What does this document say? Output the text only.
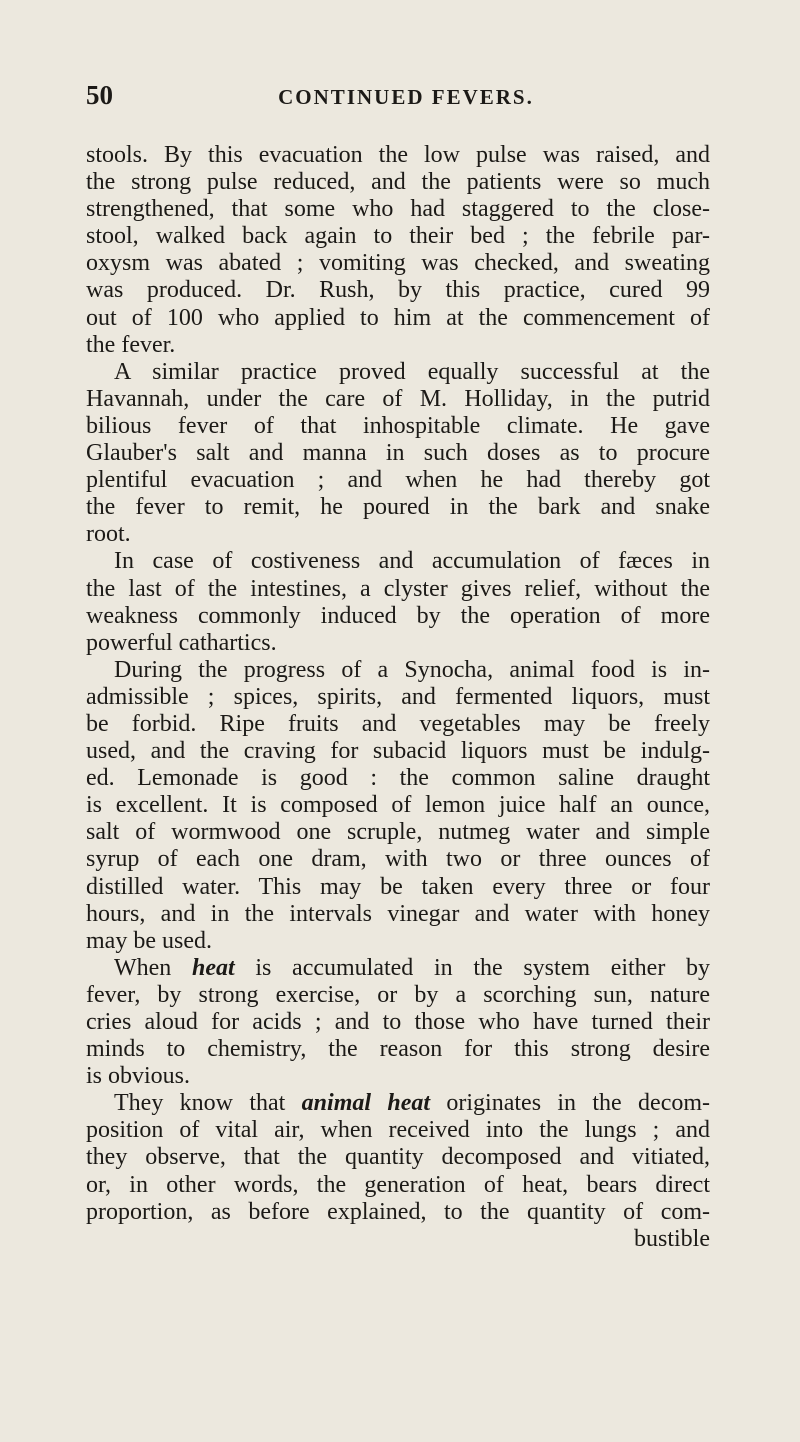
50	CONTINUED FEVERS.
stools. By this evacuation the low pulse was raised, and
the strong pulse reduced, and the patients were so much
strengthened, that some who had staggered to the close-
stool, walked back again to their bed ; the febrile par-
oxysm was abated ; vomiting was checked, and sweating
was produced. Dr. Rush, by this practice, cured 99
out of 100 who applied to him at the commencement of
the fever.
A similar practice proved equally successful at the
Havannah, under the care of M. Holliday, in the putrid
bilious fever of that inhospitable climate. He gave
Glauber's salt and manna in such doses as to procure
plentiful evacuation ; and when he had thereby got
the fever to remit, he poured in the bark and snake
root.
In case of costiveness and accumulation of fæces in
the last of the intestines, a clyster gives relief, without the
weakness commonly induced by the operation of more
powerful cathartics.
During the progress of a Synocha, animal food is in-
admissible ; spices, spirits, and fermented liquors, must
be forbid. Ripe fruits and vegetables may be freely
used, and the craving for subacid liquors must be indulg-
ed. Lemonade is good : the common saline draught
is excellent. It is composed of lemon juice half an ounce,
salt of wormwood one scruple, nutmeg water and simple
syrup of each one dram, with two or three ounces of
distilled water. This may be taken every three or four
hours, and in the intervals vinegar and water with honey
may be used.
When heat is accumulated in the system either by
fever, by strong exercise, or by a scorching sun, nature
cries aloud for acids ; and to those who have turned their
minds to chemistry, the reason for this strong desire
is obvious.
They know that animal heat originates in the decom-
position of vital air, when received into the lungs ; and
they observe, that the quantity decomposed and vitiated,
or, in other words, the generation of heat, bears direct
proportion, as before explained, to the quantity of com-
bustible
